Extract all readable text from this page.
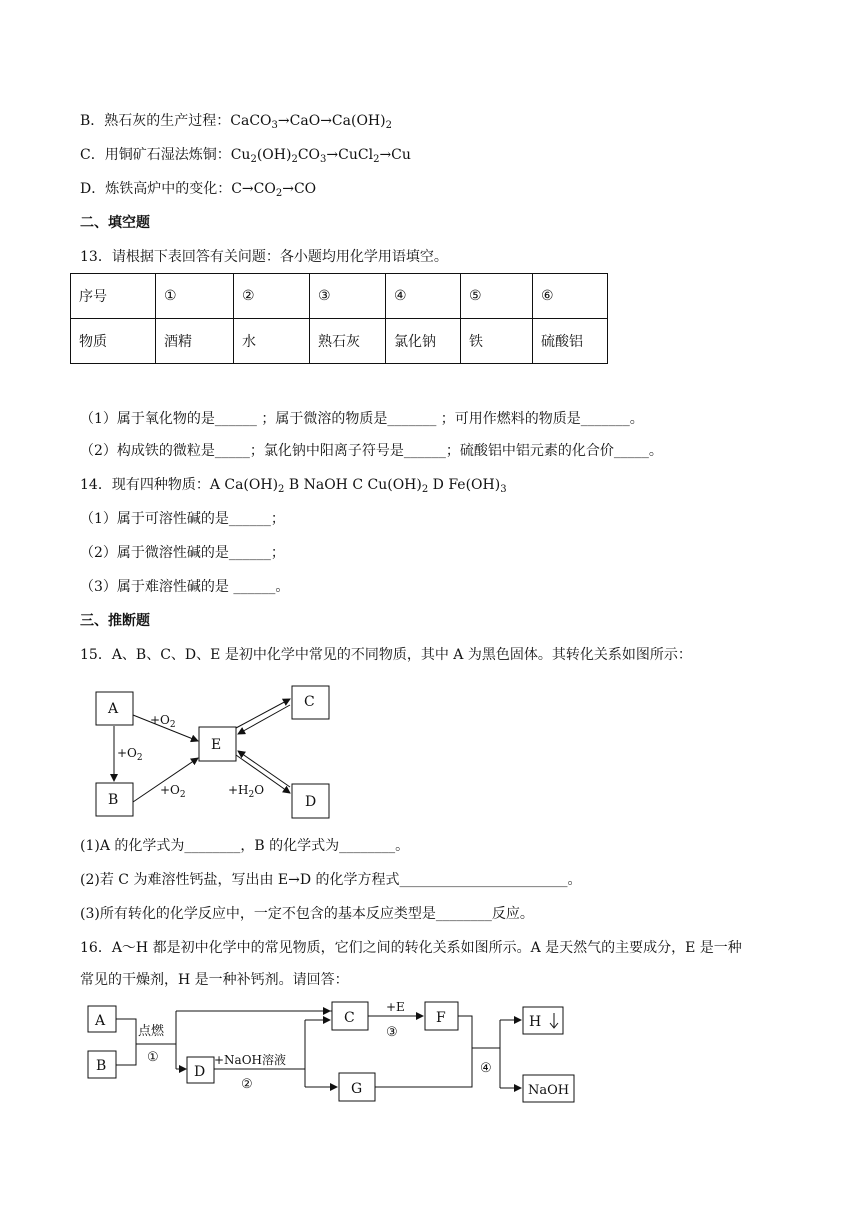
B．熟石灰的生产过程：$CaCO_3\to CaO\to Ca(OH)_2$
C．用铜矿石湿法炼铜：$Cu_2(OH)_2CO_3\to CuCl_2\to Cu$
D．炼铁高炉中的变化：$C\to CO_2\to CO$
二、填空题
13．请根据下表回答有关问题：各小题均用化学用语填空。
序号	①	②	③	④	⑤	⑥
物质	酒精	水	熟石灰	氯化钠	铁	硫酸铝
（1）属于氧化物的是______ ；属于微溶的物质是_______ ；可用作燃料的物质是_______。
（2）构成铁的微粒是_____；氯化钠中阳离子符号是______；硫酸铝中铝元素的化合价_____。
14．现有四种物质：A $Ca(OH)_2$ B NaOH C $Cu(OH)_2$ D $Fe(OH)_3$
（1）属于可溶性碱的是______；
（2）属于微溶性碱的是______；
（3）属于难溶性碱的是 ______。
三、推断题
15．A、B、C、D、E 是初中化学中常见的不同物质，其中 A 为黑色固体。其转化关系如图所示：
A
B
C
D
E
$+O_2$
$+O_2$
$+O_2$	$+H_2O$
A
B	D
C	F
G
H
NaOH
点燃
①	+NaOH溶液
②
+E
③
④
(1)A 的化学式为________，B 的化学式为________。
(2)若 C 为难溶性钙盐，写出由 E→D 的化学方程式________________________。
(3)所有转化的化学反应中，一定不包含的基本反应类型是________反应。
16．A～H 都是初中化学中的常见物质，它们之间的转化关系如图所示。A 是天然气的主要成分，E 是一种
常见的干燥剂，H 是一种补钙剂。请回答：
